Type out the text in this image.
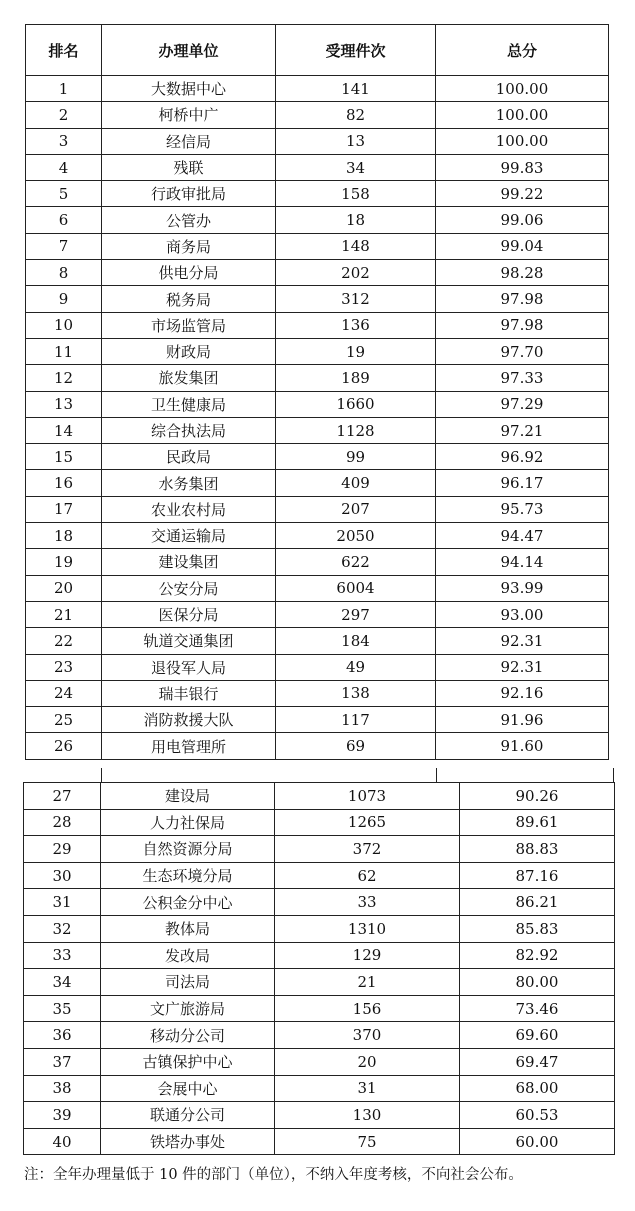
排名	办理单位	受理件次	总分
1	大数据中心	141	100.00
2	柯桥中广	82	100.00
3	经信局	13	100.00
4	残联	34	99.83
5	行政审批局	158	99.22
6	公管办	18	99.06
7	商务局	148	99.04
8	供电分局	202	98.28
9	税务局	312	97.98
10	市场监管局	136	97.98
11	财政局	19	97.70
12	旅发集团	189	97.33
13	卫生健康局	1660	97.29
14	综合执法局	1128	97.21
15	民政局	99	96.92
16	水务集团	409	96.17
17	农业农村局	207	95.73
18	交通运输局	2050	94.47
19	建设集团	622	94.14
20	公安分局	6004	93.99
21	医保分局	297	93.00
22	轨道交通集团	184	92.31
23	退役军人局	49	92.31
24	瑞丰银行	138	92.16
25	消防救援大队	117	91.96
26	用电管理所	69	91.60
27	建设局	1073	90.26
28	人力社保局	1265	89.61
29	自然资源分局	372	88.83
30	生态环境分局	62	87.16
31	公积金分中心	33	86.21
32	教体局	1310	85.83
33	发改局	129	82.92
34	司法局	21	80.00
35	文广旅游局	156	73.46
36	移动分公司	370	69.60
37	古镇保护中心	20	69.47
38	会展中心	31	68.00
39	联通分公司	130	60.53
40	铁塔办事处	75	60.00
注：全年办理量低于 10 件的部门（单位），不纳入年度考核，不向社会公布。
